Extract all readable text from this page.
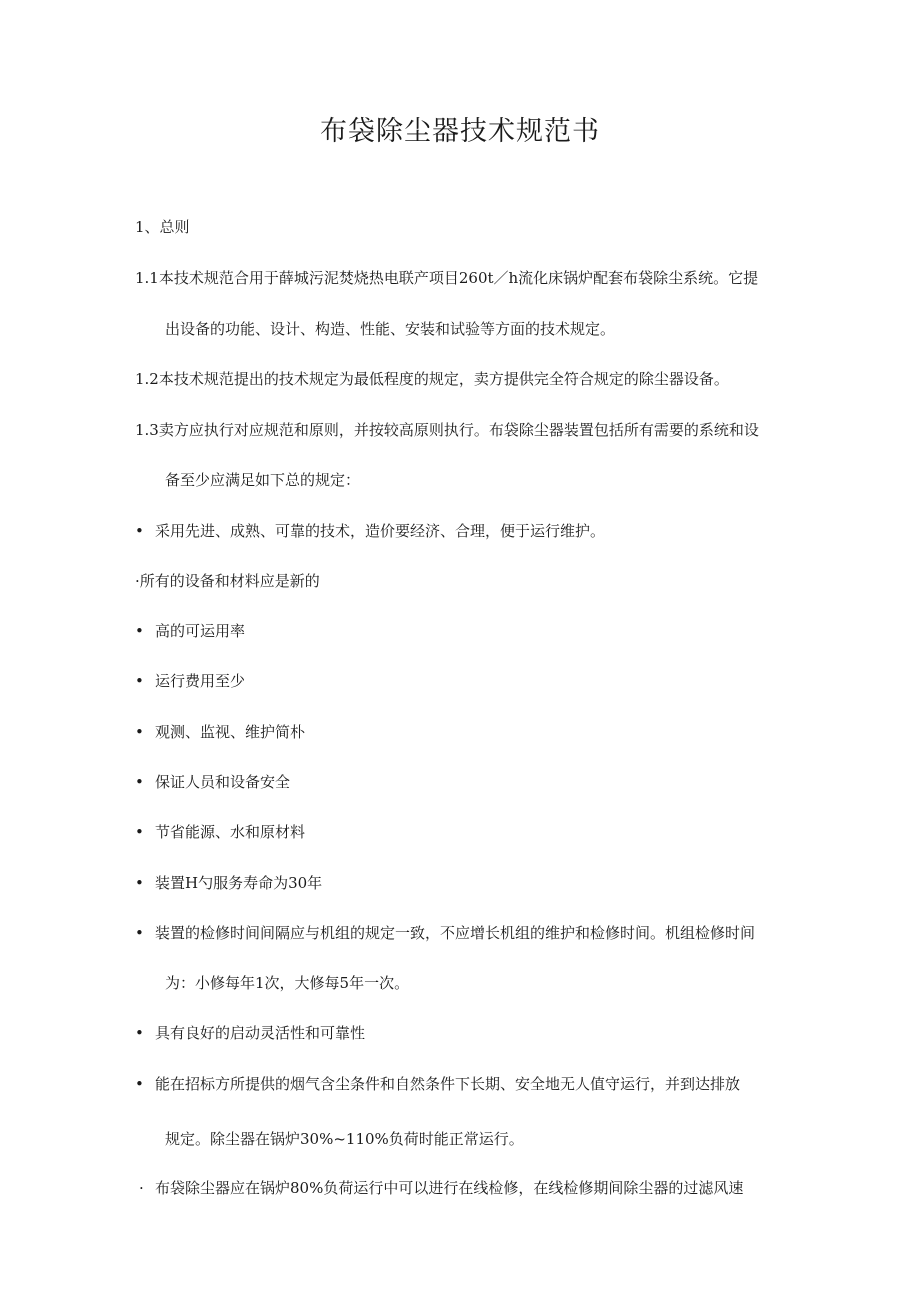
布袋除尘器技术规范书
1、总则
1.1本技术规范合用于薛城污泥焚烧热电联产项目260t／h流化床锅炉配套布袋除尘系统。它提
出设备的功能、设计、构造、性能、安装和试验等方面的技术规定。
1.2本技术规范提出的技术规定为最低程度的规定，卖方提供完全符合规定的除尘器设备。
1.3卖方应执行对应规范和原则，并按较高原则执行。布袋除尘器装置包括所有需要的系统和设
备至少应满足如下总的规定：
• 采用先进、成熟、可靠的技术，造价要经济、合理，便于运行维护。
·所有的设备和材料应是新的
• 高的可运用率
• 运行费用至少
• 观测、监视、维护简朴
• 保证人员和设备安全
• 节省能源、水和原材料
• 装置H勺服务寿命为30年
• 装置的检修时间间隔应与机组的规定一致，不应增长机组的维护和检修时间。机组检修时间
为：小修每年1次，大修每5年一次。
• 具有良好的启动灵活性和可靠性
• 能在招标方所提供的烟气含尘条件和自然条件下长期、安全地无人值守运行，并到达排放
规定。除尘器在锅炉30%~110%负荷时能正常运行。
· 布袋除尘器应在锅炉80%负荷运行中可以进行在线检修，在线检修期间除尘器的过滤风速
